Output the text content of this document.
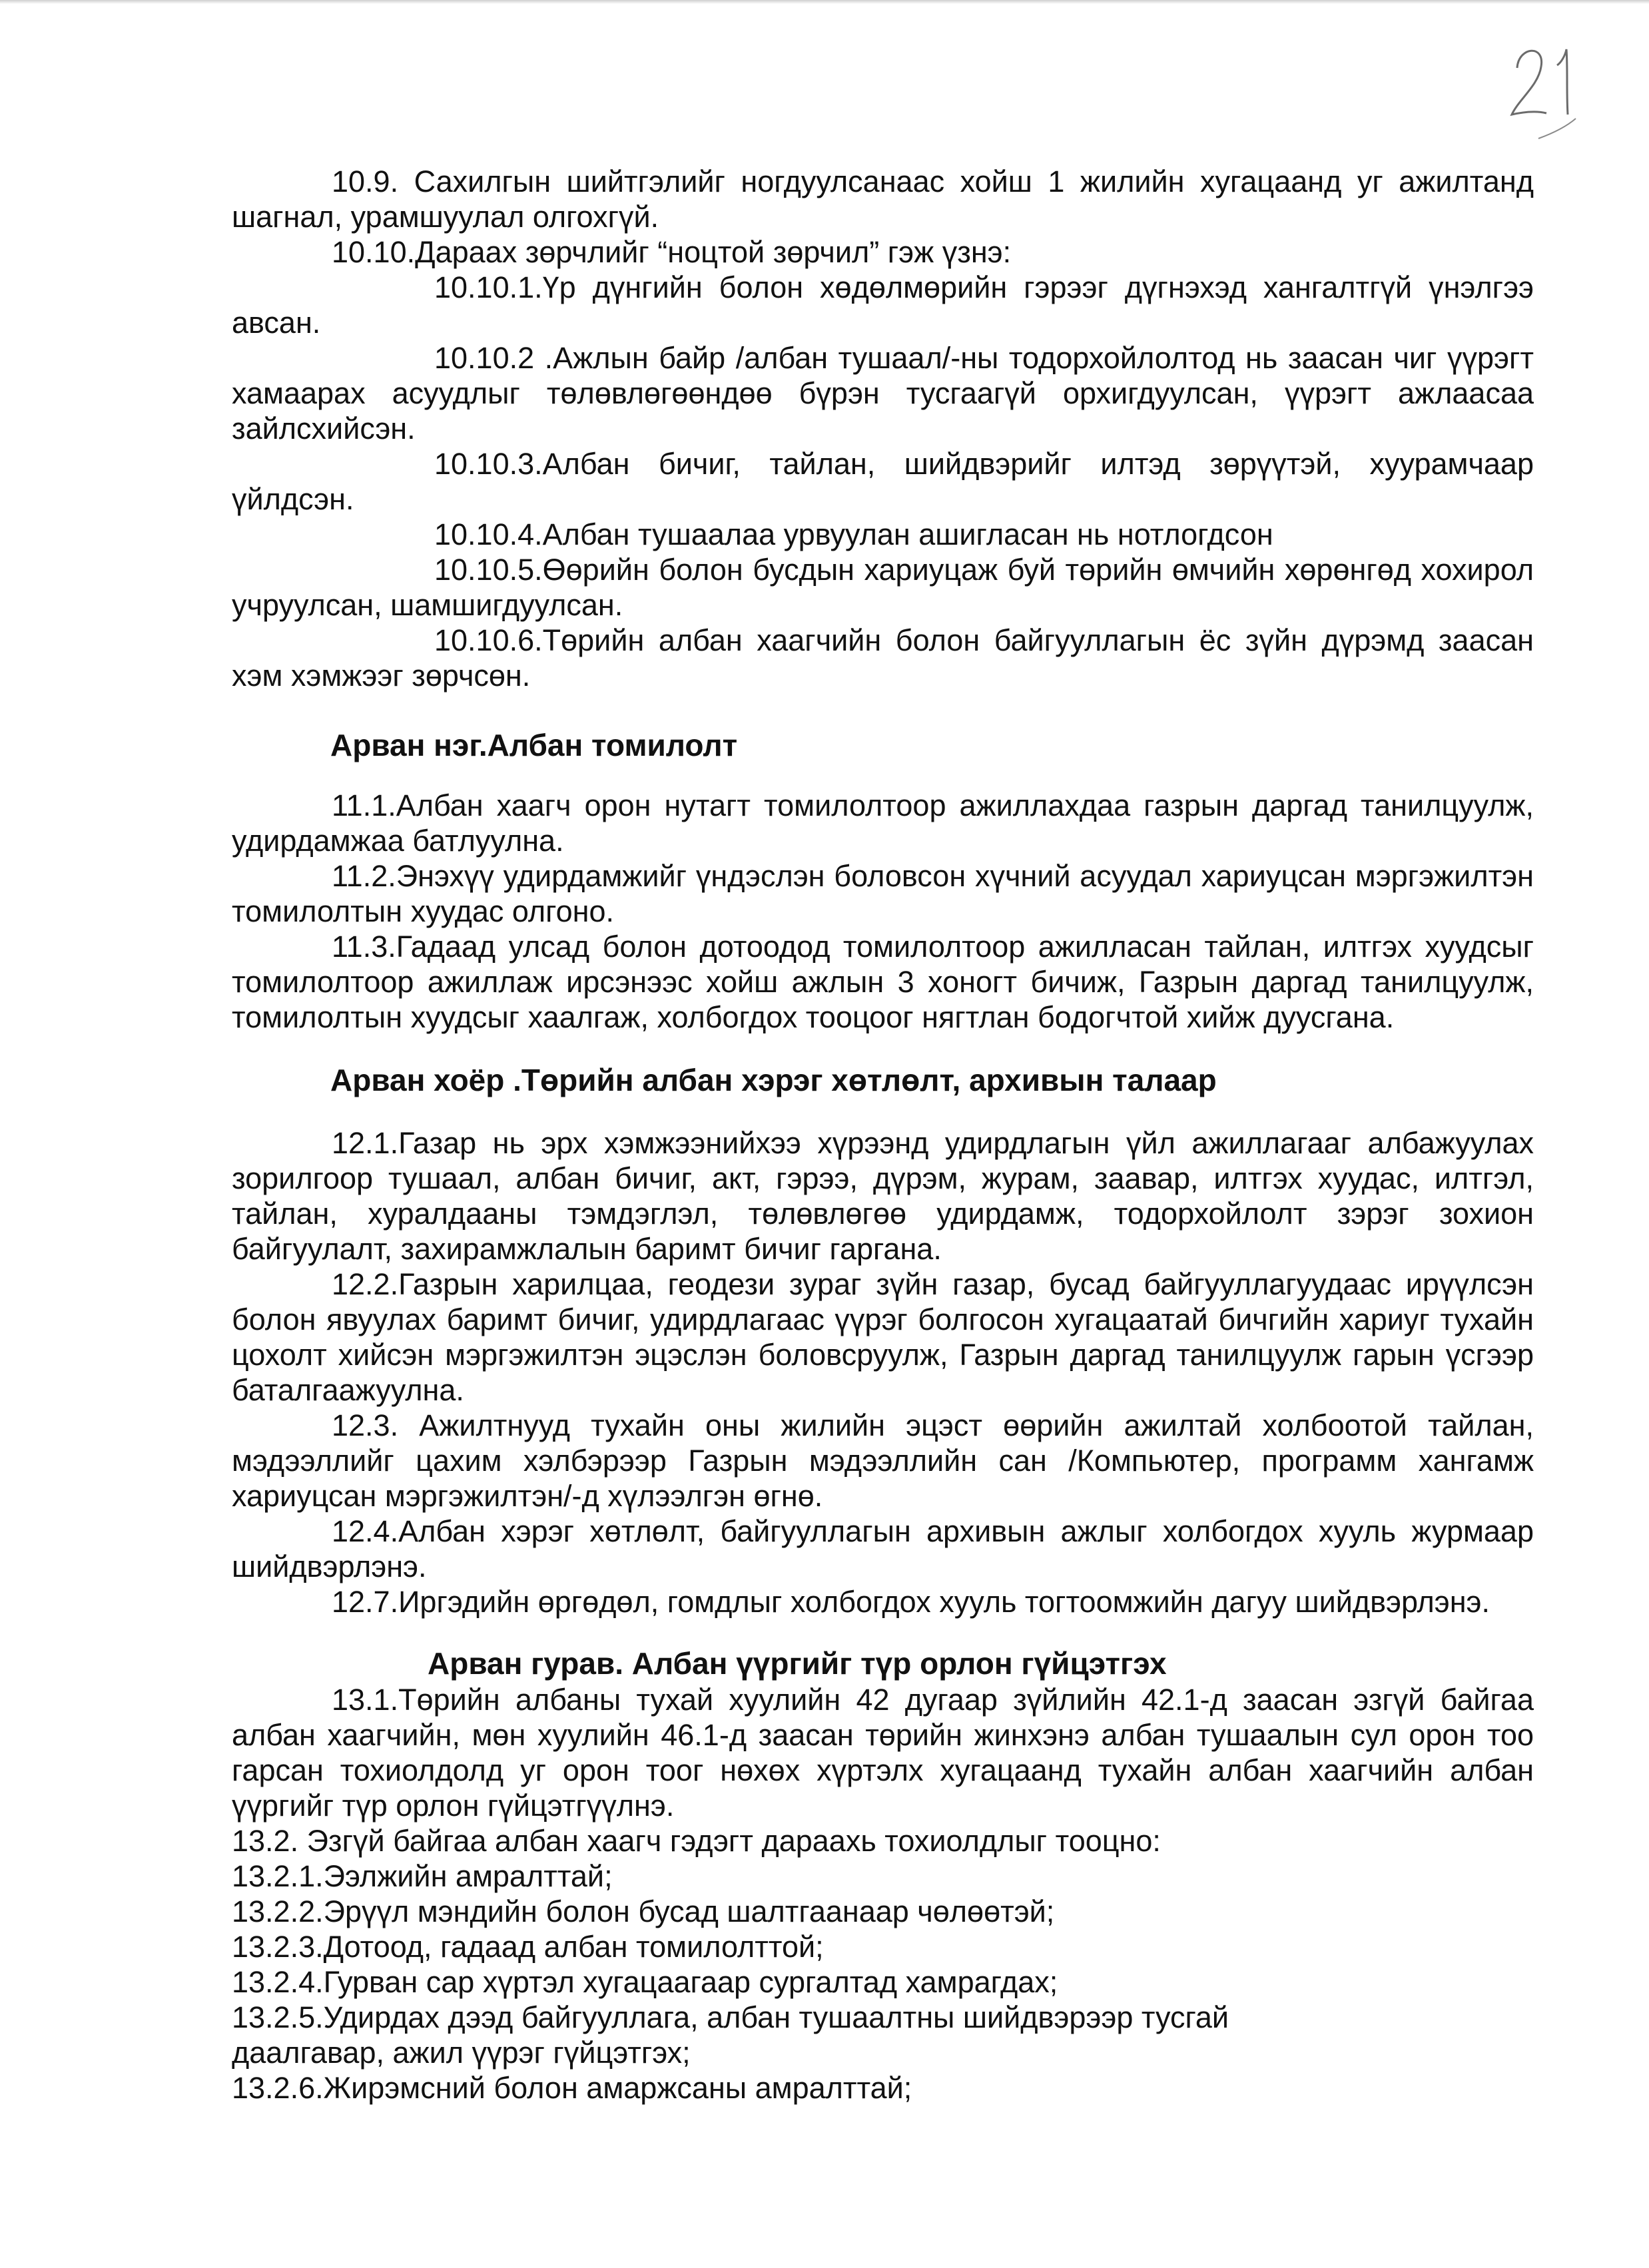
10.9. Сахилгын шийтгэлийг ногдуулсанаас хойш 1 жилийн хугацаанд уг ажилтанд шагнал, урамшуулал олгохгүй.

10.10.Дараах зөрчлийг “ноцтой зөрчил” гэж үзнэ:

10.10.1.Үр дүнгийн болон хөдөлмөрийн гэрээг дүгнэхэд хангалтгүй үнэлгээ авсан.

10.10.2 .Ажлын байр /албан тушаал/-ны тодорхойлолтод нь заасан чиг үүрэгт хамаарах асуудлыг төлөвлөгөөндөө бүрэн тусгаагүй орхигдуулсан, үүрэгт ажлаасаа зайлсхийсэн.

10.10.3.Албан бичиг, тайлан, шийдвэрийг илтэд зөрүүтэй, хуурамчаар үйлдсэн.

10.10.4.Албан тушаалаа урвуулан ашигласан нь нотлогдсон

10.10.5.Өөрийн болон бусдын хариуцаж буй төрийн өмчийн хөрөнгөд хохирол учруулсан, шамшигдуулсан.

10.10.6.Төрийн албан хаагчийн болон байгууллагын ёс зүйн дүрэмд заасан хэм хэмжээг зөрчсөн.

Арван нэг.Албан томилолт

11.1.Албан хаагч орон нутагт томилолтоор ажиллахдаа газрын даргад танилцуулж, удирдамжаа батлуулна.

11.2.Энэхүү удирдамжийг үндэслэн боловсон хүчний асуудал хариуцсан мэргэжилтэн томилолтын хуудас олгоно.

11.3.Гадаад улсад болон дотоодод томилолтоор ажилласан тайлан, илтгэх хуудсыг томилолтоор ажиллаж ирсэнээс хойш ажлын 3 хоногт бичиж, Газрын даргад танилцуулж, томилолтын хуудсыг хаалгаж, холбогдох тооцоог нягтлан бодогчтой хийж дуусгана.

Арван хоёр .Төрийн албан хэрэг хөтлөлт, архивын талаар

12.1.Газар нь эрх хэмжээнийхээ хүрээнд удирдлагын үйл ажиллагааг албажуулах зорилгоор тушаал, албан бичиг, акт, гэрээ, дүрэм, журам, заавар, илтгэх хуудас, илтгэл, тайлан, хуралдааны тэмдэглэл, төлөвлөгөө удирдамж, тодорхойлолт зэрэг зохион байгуулалт, захирамжлалын баримт бичиг гаргана.

12.2.Газрын харилцаа, геодези зураг зүйн газар, бусад байгууллагуудаас ирүүлсэн болон явуулах баримт бичиг, удирдлагаас үүрэг болгосон хугацаатай бичгийн хариуг тухайн цохолт хийсэн мэргэжилтэн эцэслэн боловсруулж, Газрын даргад танилцуулж гарын үсгээр баталгаажуулна.

12.3. Ажилтнууд тухайн оны жилийн эцэст өөрийн ажилтай холбоотой тайлан, мэдээллийг цахим хэлбэрээр Газрын мэдээллийн сан /Компьютер, программ хангамж хариуцсан мэргэжилтэн/-д хүлээлгэн өгнө.

12.4.Албан хэрэг хөтлөлт, байгууллагын архивын ажлыг холбогдох хууль журмаар шийдвэрлэнэ.

12.7.Иргэдийн өргөдөл, гомдлыг холбогдох хууль тогтоомжийн дагуу шийдвэрлэнэ.

Арван гурав. Албан үүргийг түр орлон гүйцэтгэх

13.1.Төрийн албаны тухай хуулийн 42 дугаар зүйлийн 42.1-д заасан эзгүй байгаа албан хаагчийн, мөн хуулийн 46.1-д заасан төрийн жинхэнэ албан тушаалын сул орон тоо гарсан тохиолдолд уг орон тоог нөхөх хүртэлх хугацаанд тухайн албан хаагчийн албан үүргийг түр орлон гүйцэтгүүлнэ.

13.2. Эзгүй байгаа албан хаагч гэдэгт дараахь тохиолдлыг тооцно:

13.2.1.Ээлжийн амралттай;

13.2.2.Эрүүл мэндийн болон бусад шалтгаанаар чөлөөтэй;

13.2.3.Дотоод, гадаад албан томилолттой;

13.2.4.Гурван сар хүртэл хугацаагаар сургалтад хамрагдах;

13.2.5.Удирдах дээд байгууллага, албан тушаалтны шийдвэрээр тусгай

даалгавар, ажил үүрэг гүйцэтгэх;

13.2.6.Жирэмсний болон амаржсаны амралттай;
